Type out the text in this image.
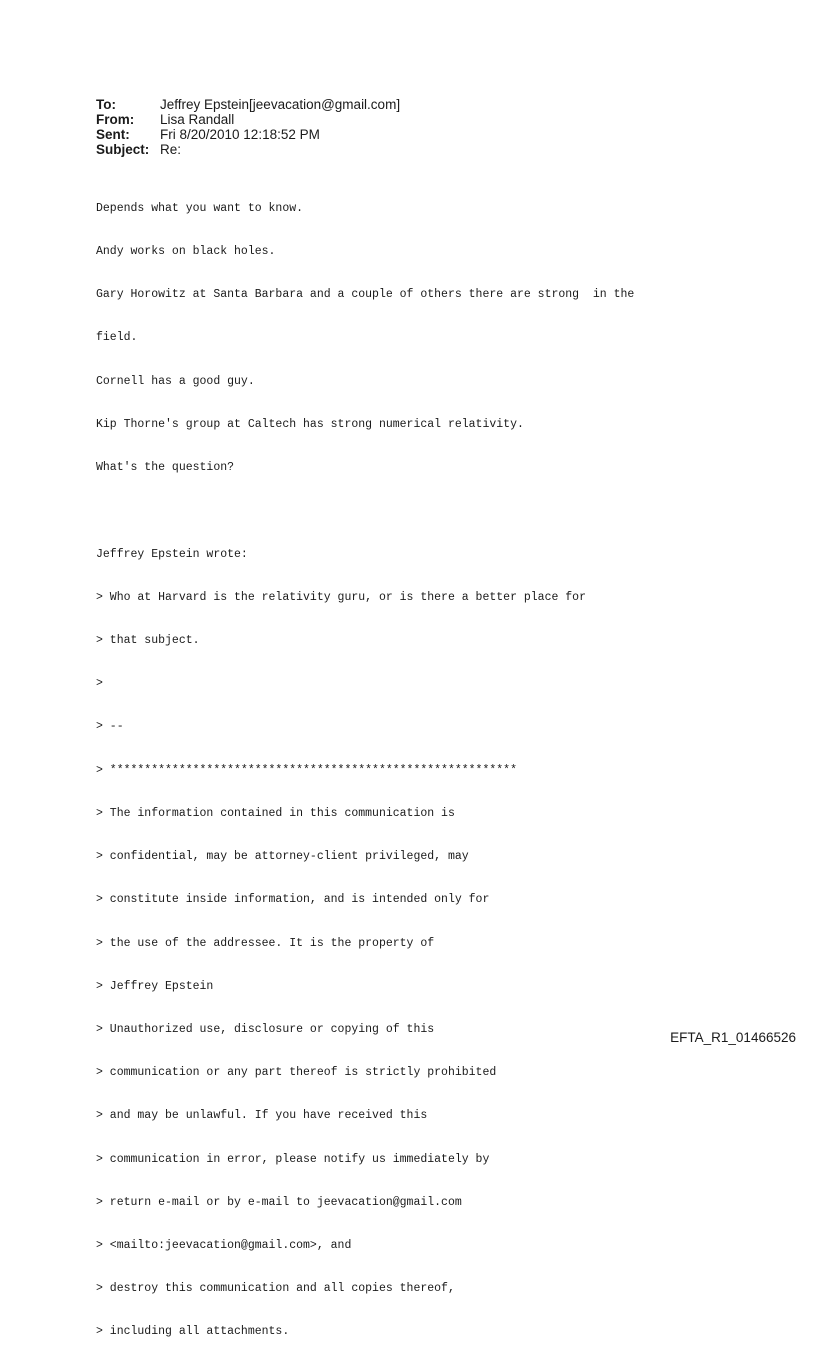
To:	Jeffrey Epstein[jeevacation@gmail.com]
From:	Lisa Randall
Sent:	Fri 8/20/2010 12:18:52 PM
Subject: Re:

Depends what you want to know.

Andy works on black holes.

Gary Horowitz at Santa Barbara and a couple of others there are strong  in the

field.

Cornell has a good guy.

Kip Thorne's group at Caltech has strong numerical relativity.

What's the question?

Jeffrey Epstein wrote:

> Who at Harvard is the relativity guru, or is there a better place for

> that subject.

>

> --

> ***********************************************************

> The information contained in this communication is

> confidential, may be attorney-client privileged, may

> constitute inside information, and is intended only for

> the use of the addressee. It is the property of

> Jeffrey Epstein

> Unauthorized use, disclosure or copying of this

> communication or any part thereof is strictly prohibited

> and may be unlawful. If you have received this

> communication in error, please notify us immediately by

> return e-mail or by e-mail to jeevacation@gmail.com

> <mailto:jeevacation@gmail.com>, and

> destroy this communication and all copies thereof,

> including all attachments.

EFTA_R1_01466526
